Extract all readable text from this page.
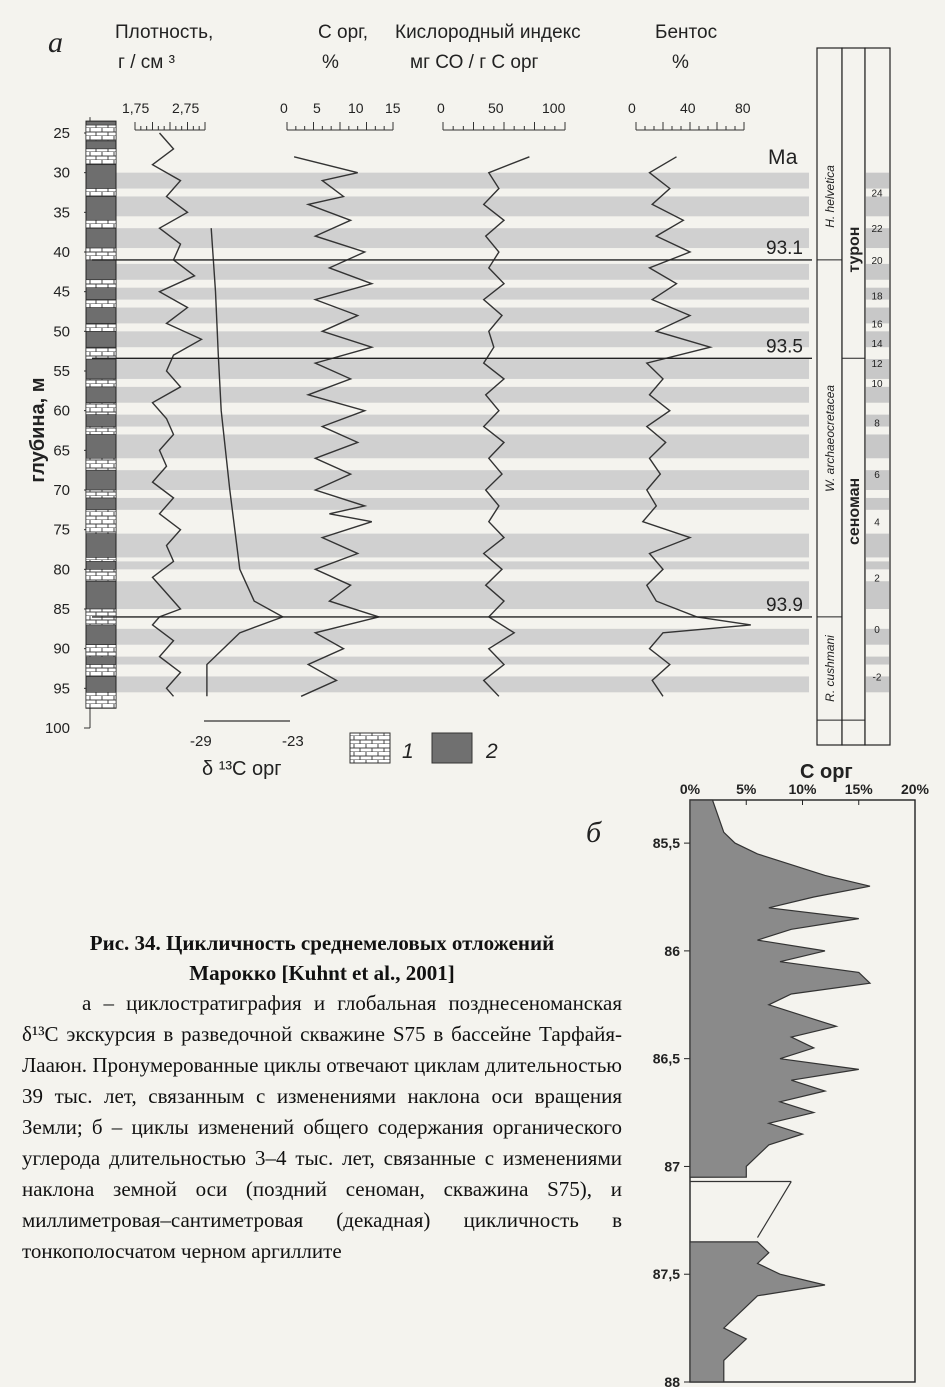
а	Плотность,
г / см ³
С орг,
%
Кислородный индекс
мг СО / г С орг
Бентос
%
1,75 2,75	0 5 10 15	0	50	100	0	40	80
25
30
35
40
45
50
55
60
65
70
75
80
85
90
95
100
глубина, м
93.1
93.5
93.9
Ма
H. helvetica
W. archaeocretacea
R. cushmani
турон
сеноман
24
22
20
18
16
14
12
10
8
6
4
2
0
-2
-29	-23
δ ¹³С орг
1	2
б
С орг
0%	5% 10% 15% 20%
85,5
86
86,5
87
87,5
88
Рис. 34. Цикличность среднемеловых отложений
Марокко [Kuhnt et al., 2001]
а – циклостратиграфия и глобальная позднесеноманская δ¹³С экскурсия в разведочной скважине S75 в бассейне Тарфайя-Лааюн. Пронумерованные циклы отвечают циклам длительностью 39 тыс. лет, связанным с изменениями наклона оси вращения Земли; б – циклы изменений общего содержания органического углерода длительностью 3–4 тыс. лет, связанные с изменениями наклона земной оси (поздний сеноман, скважина S75), и миллиметровая–сантиметровая (декадная) цикличность в тонкополосчатом черном аргиллите
